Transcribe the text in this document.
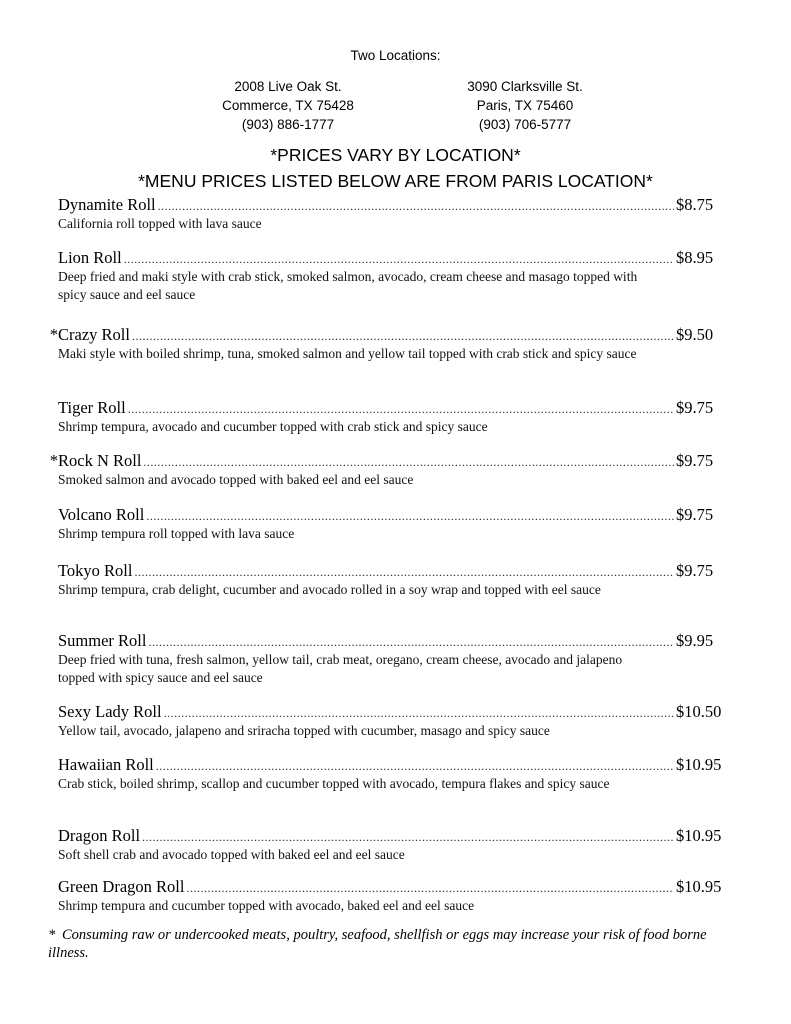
Two Locations:
2008 Live Oak St.
Commerce, TX 75428
(903) 886-1777
3090 Clarksville St.
Paris, TX 75460
(903) 706-5777
*PRICES VARY BY LOCATION*
*MENU PRICES LISTED BELOW ARE FROM PARIS LOCATION*
Dynamite Roll .....	$8.75
California roll topped with lava sauce
Lion Roll .....	$8.95
Deep fried and maki style with crab stick, smoked salmon, avocado, cream cheese and masago topped with spicy sauce and eel sauce
* Crazy Roll .....	$9.50
Maki style with boiled shrimp, tuna, smoked salmon and yellow tail topped with crab stick and spicy sauce
Tiger Roll .....	$9.75
Shrimp tempura, avocado and cucumber topped with crab stick and spicy sauce
* Rock N Roll .....	$9.75
Smoked salmon and avocado topped with baked eel and eel sauce
Volcano Roll .....	$9.75
Shrimp tempura roll topped with lava sauce
Tokyo Roll .....	$9.75
Shrimp tempura, crab delight, cucumber and avocado rolled in a soy wrap and topped with eel sauce
Summer Roll .....	$9.95
Deep fried with tuna, fresh salmon, yellow tail, crab meat, oregano, cream cheese, avocado and jalapeno topped with spicy sauce and eel sauce
Sexy Lady Roll .....	$10.50
Yellow tail, avocado, jalapeno and sriracha topped with cucumber, masago and spicy sauce
Hawaiian Roll .....	$10.95
Crab stick, boiled shrimp, scallop and cucumber topped with avocado, tempura flakes and spicy sauce
Dragon Roll .....	$10.95
Soft shell crab and avocado topped with baked eel and eel sauce
Green Dragon Roll .....	$10.95
Shrimp tempura and cucumber topped with avocado, baked eel and eel sauce
* Consuming raw or undercooked meats, poultry, seafood, shellfish or eggs may increase your risk of food borne illness.
